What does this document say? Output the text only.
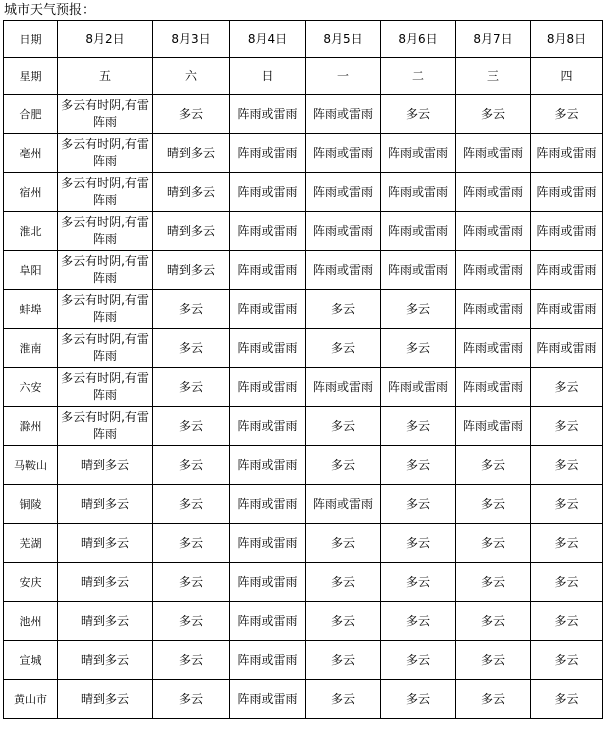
城市天气预报：
日期	8月2日	8月3日	8月4日	8月5日	8月6日	8月7日	8月8日
星期	五	六	日	一	二	三	四
合肥	多云有时阴,有雷阵雨	多云	阵雨或雷雨	阵雨或雷雨	多云	多云	多云
亳州	多云有时阴,有雷阵雨	晴到多云	阵雨或雷雨	阵雨或雷雨	阵雨或雷雨	阵雨或雷雨	阵雨或雷雨
宿州	多云有时阴,有雷阵雨	晴到多云	阵雨或雷雨	阵雨或雷雨	阵雨或雷雨	阵雨或雷雨	阵雨或雷雨
淮北	多云有时阴,有雷阵雨	晴到多云	阵雨或雷雨	阵雨或雷雨	阵雨或雷雨	阵雨或雷雨	阵雨或雷雨
阜阳	多云有时阴,有雷阵雨	晴到多云	阵雨或雷雨	阵雨或雷雨	阵雨或雷雨	阵雨或雷雨	阵雨或雷雨
蚌埠	多云有时阴,有雷阵雨	多云	阵雨或雷雨	多云	多云	阵雨或雷雨	阵雨或雷雨
淮南	多云有时阴,有雷阵雨	多云	阵雨或雷雨	多云	多云	阵雨或雷雨	阵雨或雷雨
六安	多云有时阴,有雷阵雨	多云	阵雨或雷雨	阵雨或雷雨	阵雨或雷雨	阵雨或雷雨	多云
滁州	多云有时阴,有雷阵雨	多云	阵雨或雷雨	多云	多云	阵雨或雷雨	多云
马鞍山	晴到多云	多云	阵雨或雷雨	多云	多云	多云	多云
铜陵	晴到多云	多云	阵雨或雷雨	阵雨或雷雨	多云	多云	多云
芜湖	晴到多云	多云	阵雨或雷雨	多云	多云	多云	多云
安庆	晴到多云	多云	阵雨或雷雨	多云	多云	多云	多云
池州	晴到多云	多云	阵雨或雷雨	多云	多云	多云	多云
宣城	晴到多云	多云	阵雨或雷雨	多云	多云	多云	多云
黄山市	晴到多云	多云	阵雨或雷雨	多云	多云	多云	多云
